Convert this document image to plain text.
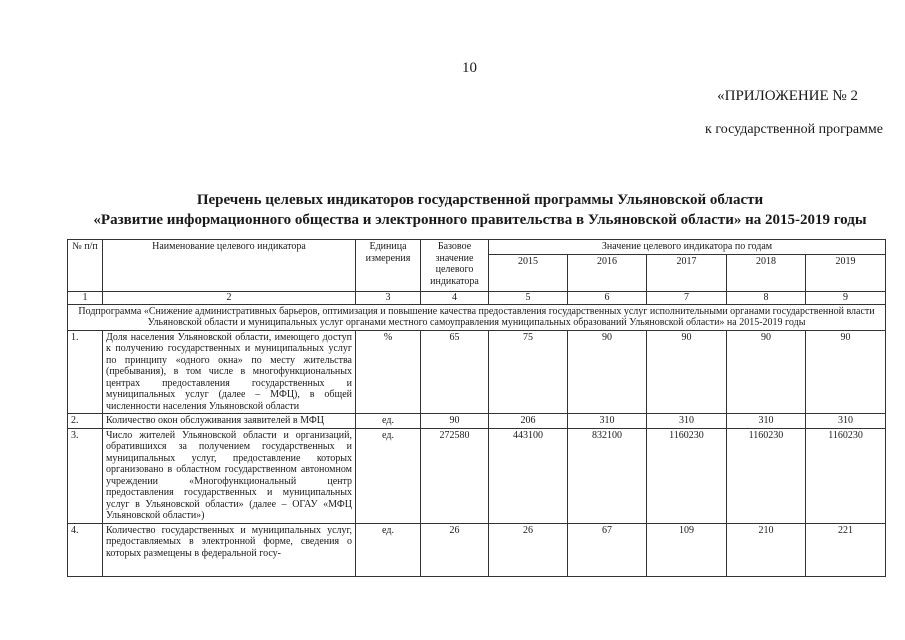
10
«ПРИЛОЖЕНИЕ № 2
к государственной программе
Перечень целевых индикаторов государственной программы Ульяновской области
«Развитие информационного общества и электронного правительства в Ульяновской области» на 2015-2019 годы
№ п/п	Наименование целевого индикатора	Единица измерения	Базовое значение целевого индикатора	Значение целевого индикатора по годам				
				2015	2016	2017	2018	2019
1	2	3	4	5	6	7	8	9
Подпрограмма «Снижение административных барьеров, оптимизация и повышение качества предоставления государственных услуг исполнительными органами государственной власти Ульяновской области и муниципальных услуг органами местного самоуправления муниципальных образований Ульяновской области» на 2015-2019 годы								
1.	Доля населения Ульяновской области, имеющего доступ к получению государственных и муниципальных услуг по принципу «одного окна» по месту жительства (пребывания), в том числе в многофункциональных центрах предоставления государственных и муниципальных услуг (далее – МФЦ), в общей численности населения Ульяновской области	%	65	75	90	90	90	90
2.	Количество окон обслуживания заявителей в МФЦ	ед.	90	206	310	310	310	310
3.	Число жителей Ульяновской области и организаций, обратившихся за получением государственных и муниципальных услуг, предоставление которых организовано в областном государственном автономном учреждении «Многофункциональный центр предоставления государственных и муниципальных услуг в Ульяновской области» (далее – ОГАУ «МФЦ Ульяновской области»)	ед.	272580	443100	832100	1160230	1160230	1160230
4.	Количество государственных и муниципальных услуг, предоставляемых в электронной форме, сведения о которых размещены в федеральной госу-	ед.	26	26	67	109	210	221
